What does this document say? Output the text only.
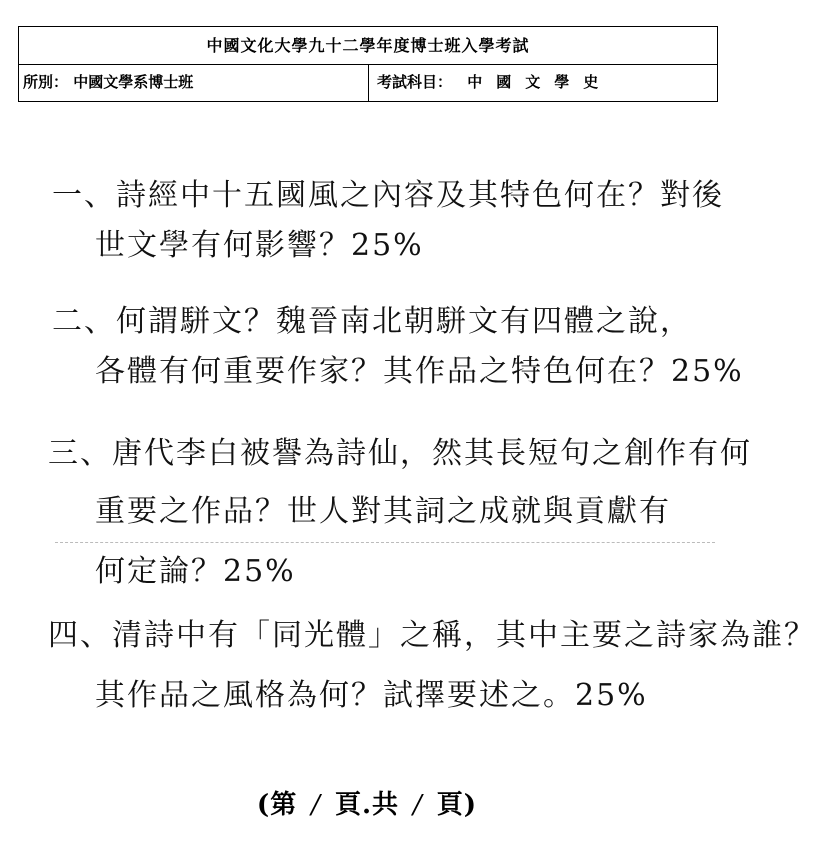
中國文化大學九十二學年度博士班入學考試
所別： 中國文學系博士班	考試科目： 中國文學史
一、詩經中十五國風之內容及其特色何在？對後
世文學有何影響？25%
二、何謂駢文？魏晉南北朝駢文有四體之說，
各體有何重要作家？其作品之特色何在？25%
三、唐代李白被譽為詩仙，然其長短句之創作有何
重要之作品？世人對其詞之成就與貢獻有
何定論？25%
四、清詩中有「同光體」之稱，其中主要之詩家為誰？
其作品之風格為何？試擇要述之。25%
(第 / 頁.共 / 頁)
